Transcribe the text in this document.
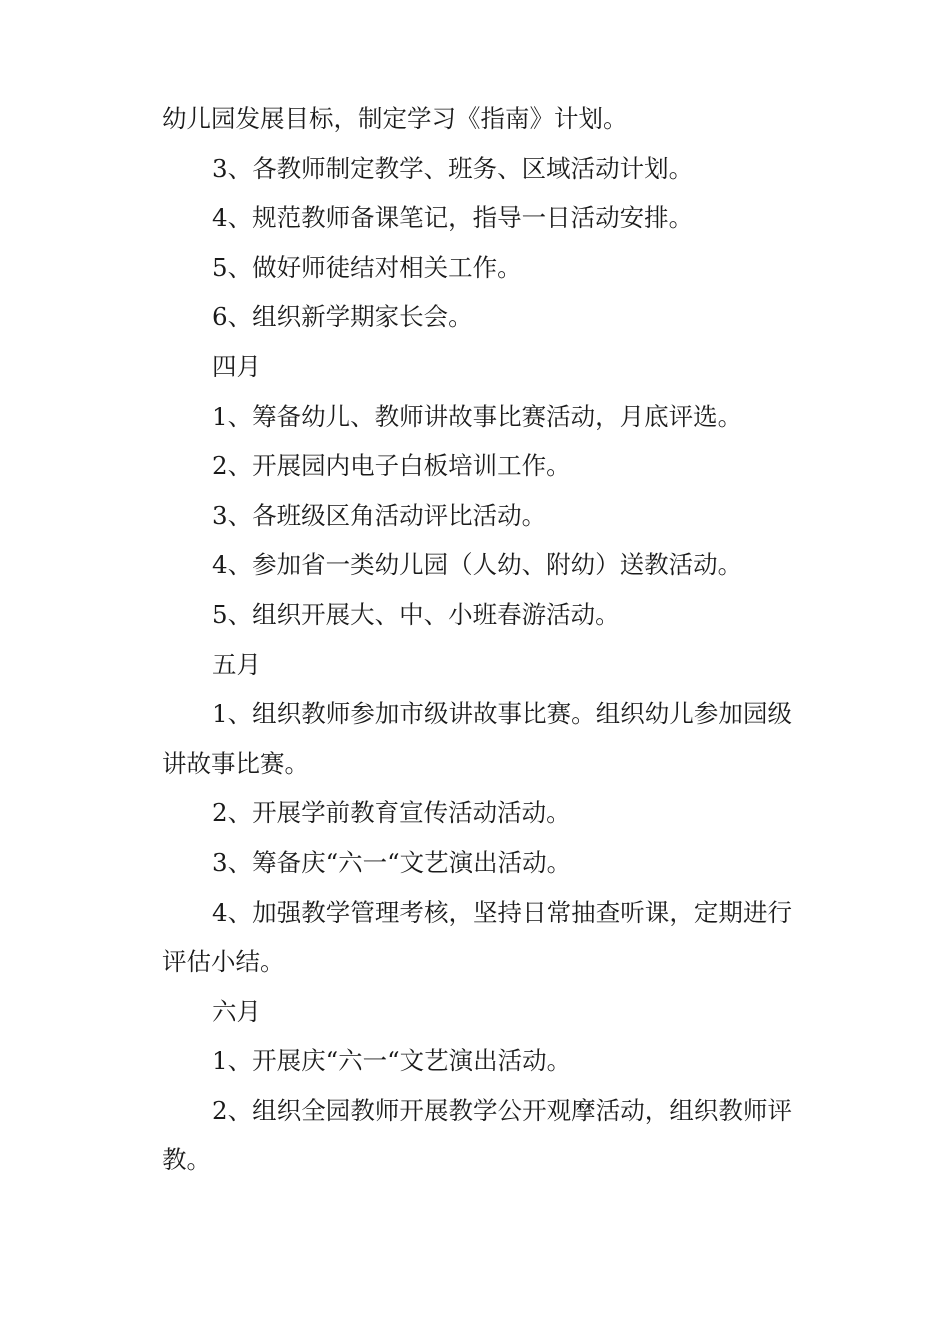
幼儿园发展目标，制定学习《指南》计划。

3、各教师制定教学、班务、区域活动计划。

4、规范教师备课笔记，指导一日活动安排。

5、做好师徒结对相关工作。

6、组织新学期家长会。

四月

1、筹备幼儿、教师讲故事比赛活动，月底评选。

2、开展园内电子白板培训工作。

3、各班级区角活动评比活动。

4、参加省一类幼儿园（人幼、附幼）送教活动。

5、组织开展大、中、小班春游活动。

五月

1、组织教师参加市级讲故事比赛。组织幼儿参加园级讲故事比赛。

2、开展学前教育宣传活动活动。

3、筹备庆“六一“文艺演出活动。

4、加强教学管理考核，坚持日常抽查听课，定期进行评估小结。

六月

1、开展庆“六一“文艺演出活动。

2、组织全园教师开展教学公开观摩活动，组织教师评教。
